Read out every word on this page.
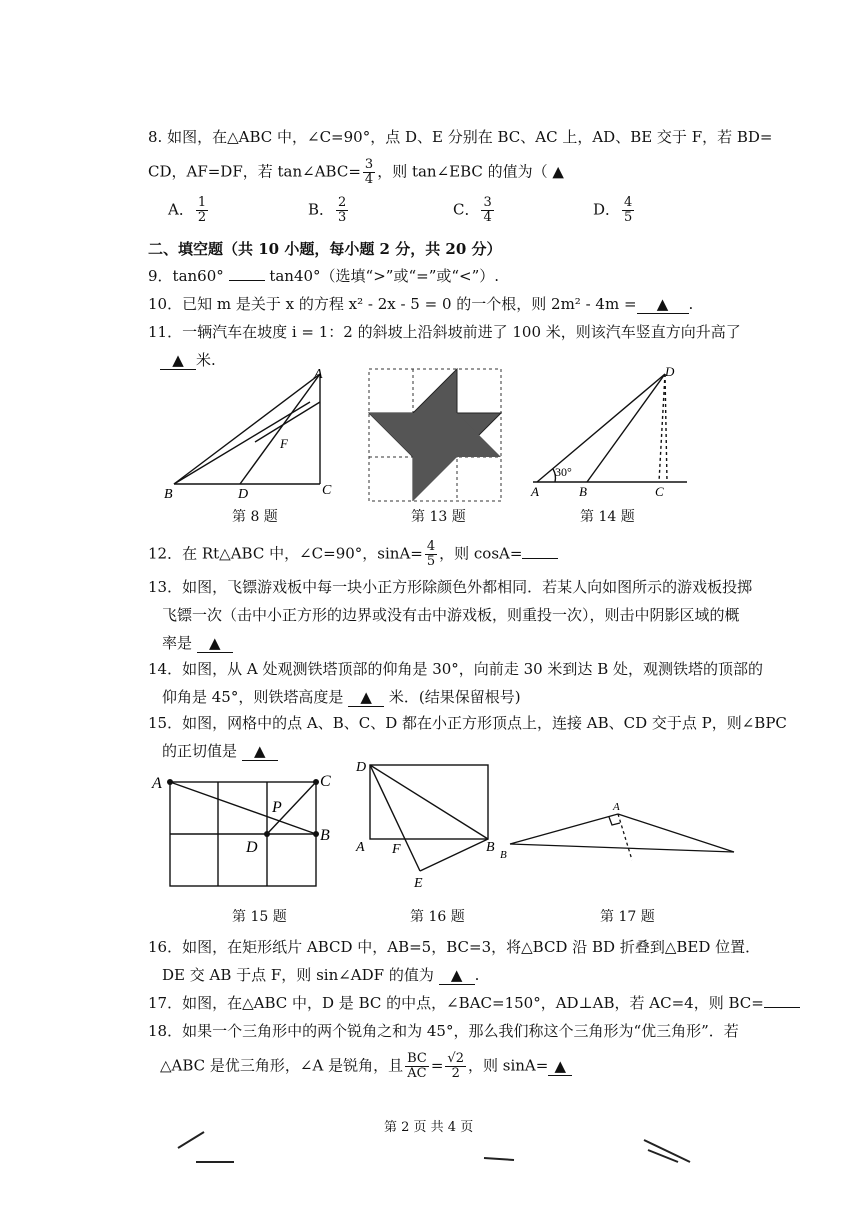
8. 如图，在△ABC 中，∠C=90°，点 D、E 分别在 BC、AC 上，AD、BE 交于 F，若 BD=
CD，AF=DF，若 tan∠ABC= $\frac{3}{4}$ ，则 tan∠EBC 的值为（ ▲
A． $\frac{1}{2}$	B． $\frac{2}{3}$	C． $\frac{3}{4}$	D． $\frac{4}{5}$
二、填空题（共 10 小题，每小题 2 分，共 20 分）
9．tan60°	tan40°（选填“>”或“=”或“<”）.
10．已知 m 是关于 x 的方程 x² - 2x - 5 = 0 的一个根，则 2m² - 4m = ▲ .
11．一辆汽车在坡度 i = 1：2 的斜坡上沿斜坡前进了 100 米，则该汽车竖直方向升高了
▲ 米.
A
B	C
D
F
第 8 题	第 13 题
30°
A	B	C
D
第 14 题
12．在 Rt△ABC 中，∠C=90°，$\sin A= \frac{4}{5}$ ，则 cosA=
13．如图，飞镖游戏板中每一块小正方形除颜色外都相同．若某人向如图所示的游戏板投掷
飞镖一次（击中小正方形的边界或没有击中游戏板，则重投一次），则击中阴影区域的概
率是 ▲
14．如图，从 A 处观测铁塔顶部的仰角是 30°，向前走 30 米到达 B 处，观测铁塔的顶部的
仰角是 45°，则铁塔高度是 ▲ 米．(结果保留根号)
15．如图，网格中的点 A、B、C、D 都在小正方形顶点上，连接 AB、CD 交于点 P，则∠BPC
的正切值是 ▲
A	C
B
D
P
第 15 题
D
A F	B
E
第 16 题
A
B
第 17 题
16．如图，在矩形纸片 ABCD 中，AB=5，BC=3，将△BCD 沿 BD 折叠到△BED 位置．
DE 交 AB 于点 F，则 sin∠ADF 的值为 ▲ .
17．如图，在△ABC 中，D 是 BC 的中点，∠BAC=150°，AD⊥AB，若 AC=4，则 BC=
18．如果一个三角形中的两个锐角之和为 45°，那么我们称这个三角形为“优三角形”．若
△ABC 是优三角形，∠A 是锐角，且 $\frac{BC}{AC} = \frac{√2}{2}$ ，则 sinA= ▲
第 2 页 共 4 页
